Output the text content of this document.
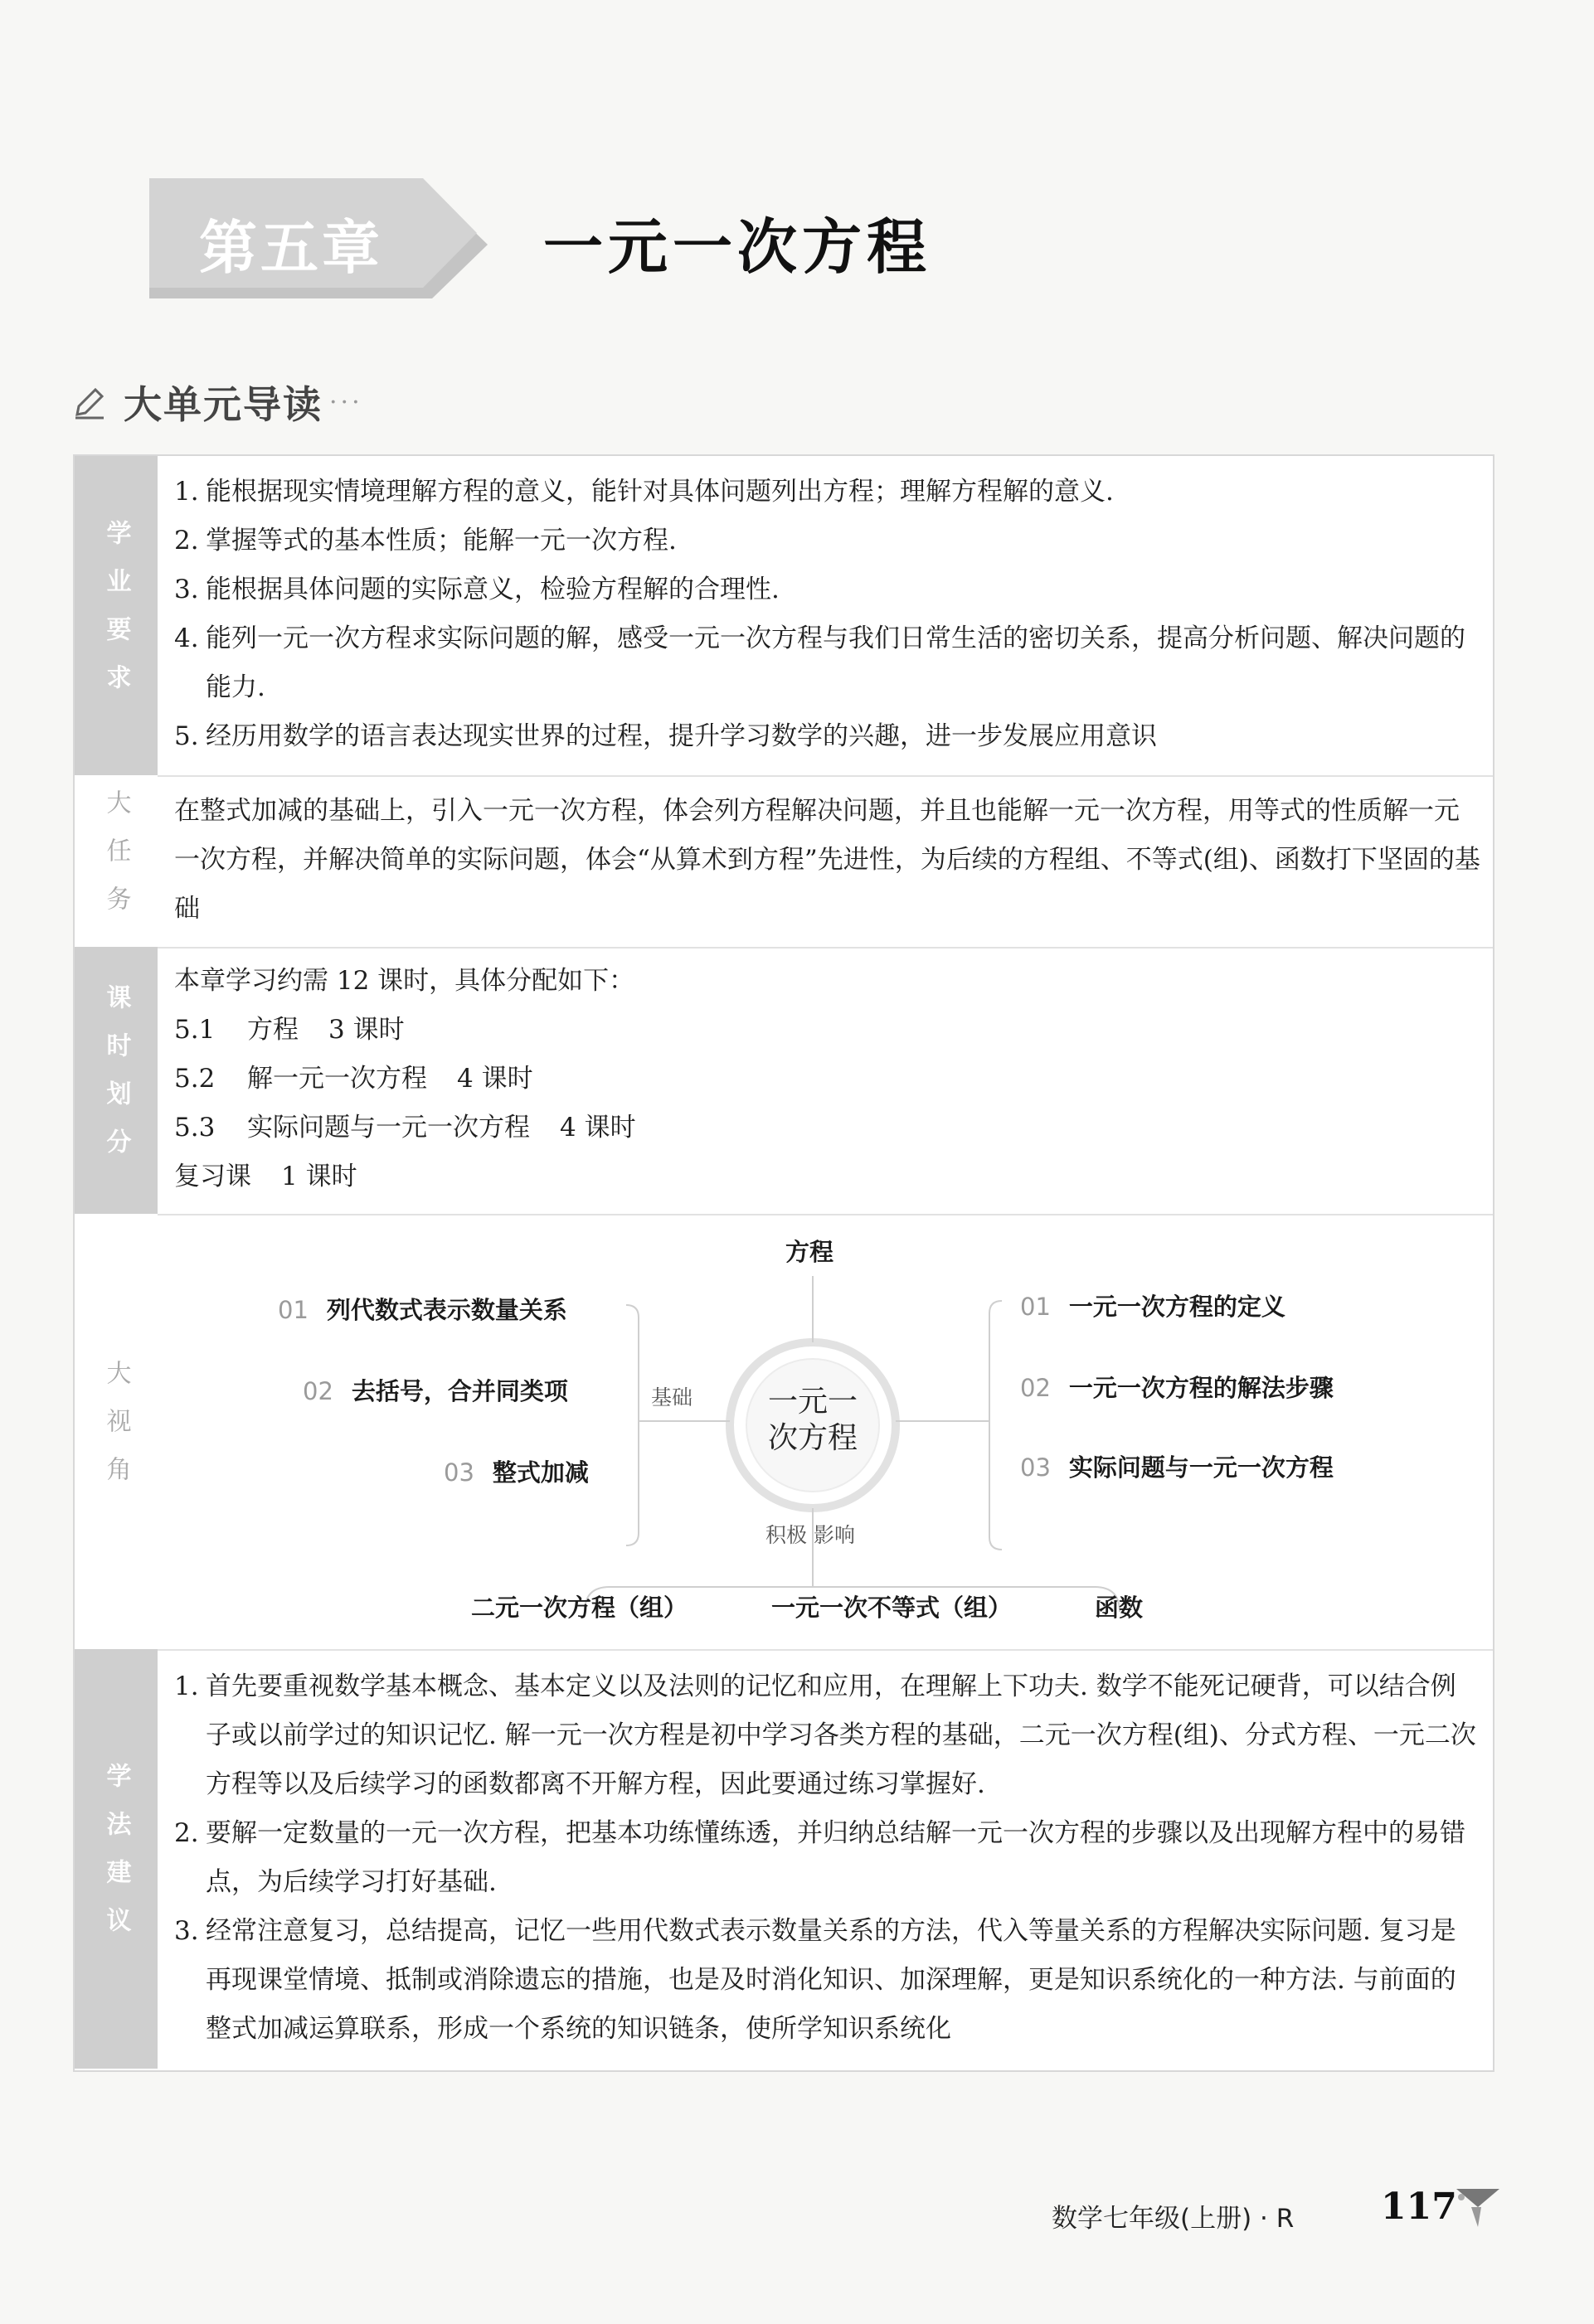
第五章	一元一次方程
大单元导读 ···
学业要求
1. 能根据现实情境理解方程的意义，能针对具体问题列出方程；理解方程解的意义.
2. 掌握等式的基本性质；能解一元一次方程.
3. 能根据具体问题的实际意义，检验方程解的合理性.
4. 能列一元一次方程求实际问题的解，感受一元一次方程与我们日常生活的密切关系，提高分析问题、解决问题的能力.
5. 经历用数学的语言表达现实世界的过程，提升学习数学的兴趣，进一步发展应用意识
大任务	在整式加减的基础上，引入一元一次方程，体会列方程解决问题，并且也能解一元一次方程，用等式的性质解一元一次方程，并解决简单的实际问题，体会“从算术到方程”先进性，为后续的方程组、不等式(组)、函数打下坚固的基础
课时划分
本章学习约需 12 课时，具体分配如下：
5.1	方程 3 课时
5.2	解一元一次方程 4 课时
5.3	实际问题与一元一次方程 4 课时
复习课 1 课时
大视角
方程
一元一次方程
基础
积极 影响
01 列代数式表示数量关系
02 去括号，合并同类项
03 整式加减
01 一元一次方程的定义
02 一元一次方程的解法步骤
03 实际问题与一元一次方程
二元一次方程（组）	一元一次不等式（组）	函数
学法建议
1. 首先要重视数学基本概念、基本定义以及法则的记忆和应用，在理解上下功夫. 数学不能死记硬背，可以结合例子或以前学过的知识记忆. 解一元一次方程是初中学习各类方程的基础，二元一次方程(组)、分式方程、一元二次方程等以及后续学习的函数都离不开解方程，因此要通过练习掌握好.
2. 要解一定数量的一元一次方程，把基本功练懂练透，并归纳总结解一元一次方程的步骤以及出现解方程中的易错点，为后续学习打好基础.
3. 经常注意复习，总结提高，记忆一些用代数式表示数量关系的方法，代入等量关系的方程解决实际问题. 复习是再现课堂情境、抵制或消除遗忘的措施，也是及时消化知识、加深理解，更是知识系统化的一种方法. 与前面的整式加减运算联系，形成一个系统的知识链条，使所学知识系统化
数学七年级(上册) · R 117
